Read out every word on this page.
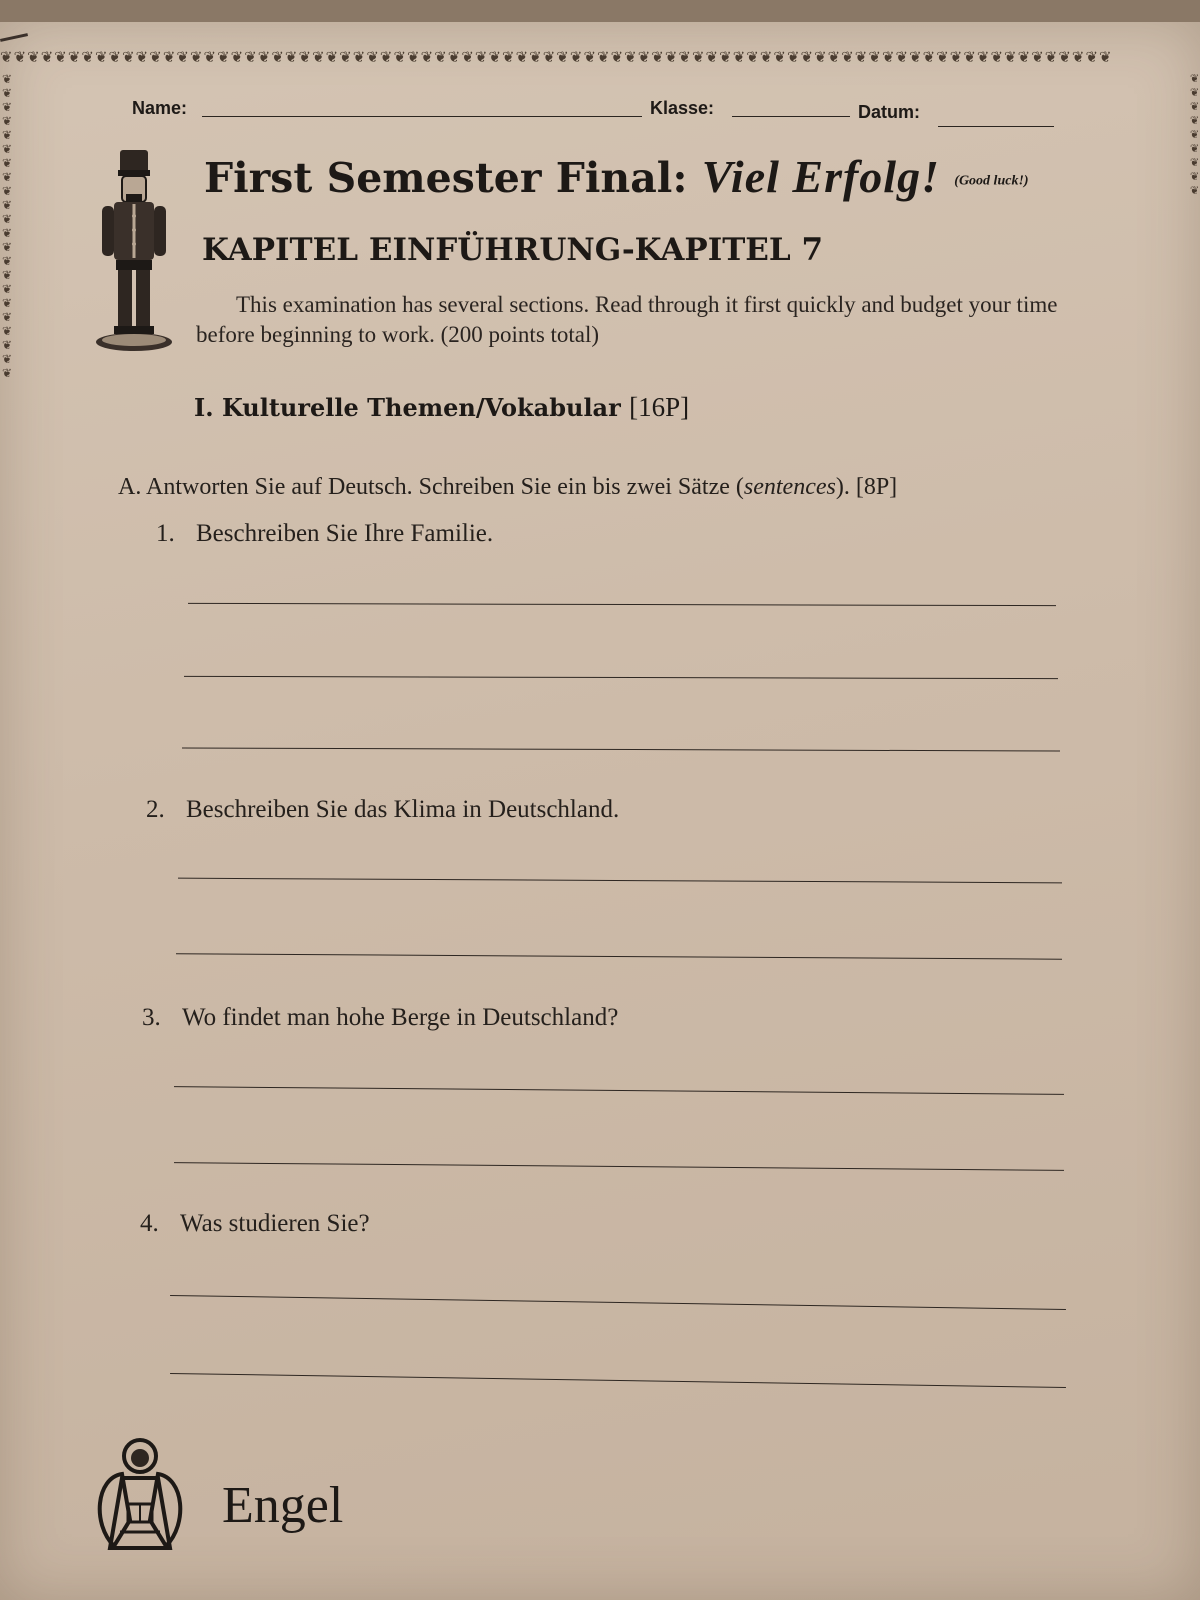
❦❦❦❦❦❦❦❦❦❦❦❦❦❦❦❦❦❦❦❦❦❦❦❦❦❦❦❦❦❦❦❦❦❦❦❦❦❦❦❦❦❦❦❦❦❦❦❦❦❦❦❦❦❦❦❦❦❦❦❦❦❦❦❦❦❦❦❦❦❦❦❦❦❦❦❦❦❦❦❦❦❦
❦❦❦❦❦❦❦❦❦❦❦❦❦❦❦❦❦❦❦❦❦❦
❦❦❦❦❦❦❦❦❦
Name:	Klasse:	Datum:
First Semester Final: Viel Erfolg! (Good luck!)
KAPITEL EINFÜHRUNG-KAPITEL 7
This examination has several sections. Read through it first quickly and budget your time before beginning to work. (200 points total)
I. Kulturelle Themen/Vokabular [16P]
A. Antworten Sie auf Deutsch. Schreiben Sie ein bis zwei Sätze (sentences). [8P]
1. Beschreiben Sie Ihre Familie.
2. Beschreiben Sie das Klima in Deutschland.
3. Wo findet man hohe Berge in Deutschland?
4. Was studieren Sie?
Engel
